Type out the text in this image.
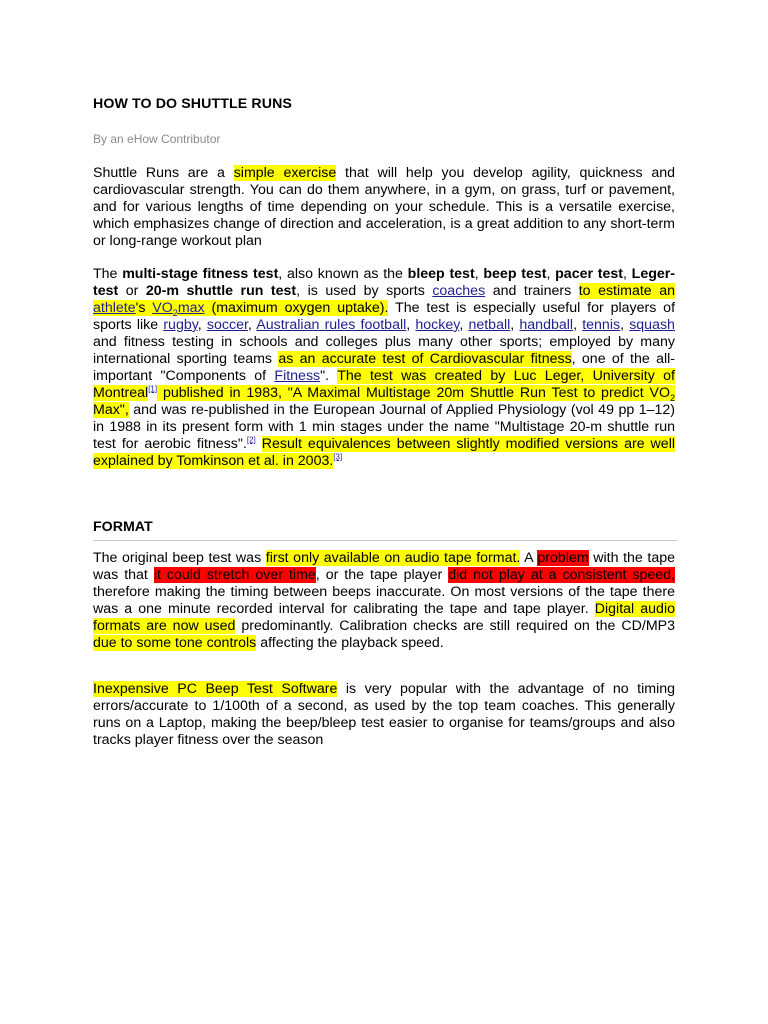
HOW TO DO SHUTTLE RUNS
By an eHow Contributor

Shuttle Runs are a simple exercise that will help you develop agility, quickness and cardiovascular strength. You can do them anywhere, in a gym, on grass, turf or pavement, and for various lengths of time depending on your schedule. This is a versatile exercise, which emphasizes change of direction and acceleration, is a great addition to any short-term or long-range workout plan

The multi-stage fitness test, also known as the bleep test, beep test, pacer test, Leger-test or 20-m shuttle run test, is used by sports coaches and trainers to estimate an athlete's $VO_2\max$ (maximum oxygen uptake). The test is especially useful for players of sports like rugby, soccer, Australian rules football, hockey, netball, handball, tennis, squash and fitness testing in schools and colleges plus many other sports; employed by many international sporting teams as an accurate test of Cardiovascular fitness, one of the all-important "Components of Fitness". The test was created by Luc Leger, University of Montreal[1] published in 1983, "A Maximal Multistage 20m Shuttle Run Test to predict $VO_2$ Max", and was re-published in the European Journal of Applied Physiology (vol 49 pp 1–12) in 1988 in its present form with 1 min stages under the name "Multistage 20-m shuttle run test for aerobic fitness".[2] Result equivalences between slightly modified versions are well explained by Tomkinson et al. in 2003.[3]

FORMAT

The original beep test was first only available on audio tape format. A problem with the tape was that it could stretch over time, or the tape player did not play at a consistent speed, therefore making the timing between beeps inaccurate. On most versions of the tape there was a one minute recorded interval for calibrating the tape and tape player. Digital audio formats are now used predominantly. Calibration checks are still required on the CD/MP3 due to some tone controls affecting the playback speed.

Inexpensive PC Beep Test Software is very popular with the advantage of no timing errors/accurate to 1/100th of a second, as used by the top team coaches. This generally runs on a Laptop, making the beep/bleep test easier to organise for teams/groups and also tracks player fitness over the season
